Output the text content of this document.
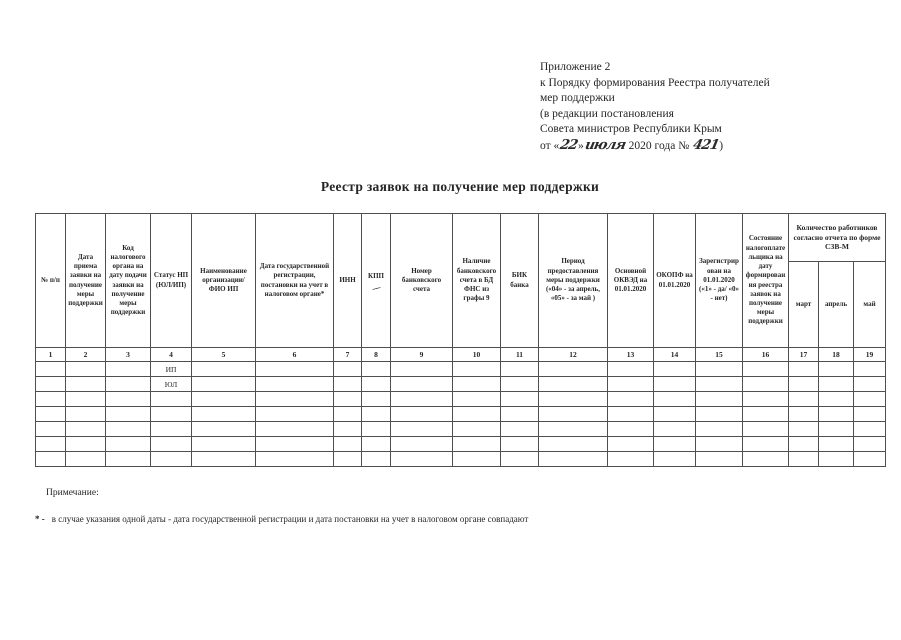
Приложение 2
к Порядку формирования Реестра получателей
мер поддержки
(в редакции постановления
Совета министров Республики Крым
от «22»июля 2020 года № 421)
Реестр заявок на получение мер поддержки
№ п/п	Дата приема заявки на получение меры поддержки	Код налогового органа на дату подачи заявки на получение меры поддержки	Статус НП (ЮЛ/ИП)	Наименование организации/ ФИО ИП	Дата государственной регистрации, постановки на учет в налоговом органе*	ИНН	КПП	Номер банковского счета	Наличие банковского счета в БД ФНС из графы 9	БИК банка	Период предоставления меры поддержки («04» - за апрель, «05» - за май )	Основной ОКВЭД на 01.01.2020	ОКОПФ на 01.01.2020	Зарегистрирован на 01.01.2020 («1» - да/ «0» - нет)	Состояние налогоплательщика на дату формирования реестра заявок на получение меры поддержки	Количество работников согласно отчета по форме СЗВ-М		
																март	апрель	май
1	2	3	4	5	6	7	8	9	10	11	12	13	14	15	16	17	18	19
			ИП															
			ЮЛ															

Примечание:
* - в случае указания одной даты - дата государственной регистрации и дата постановки на учет в налоговом органе совпадают
